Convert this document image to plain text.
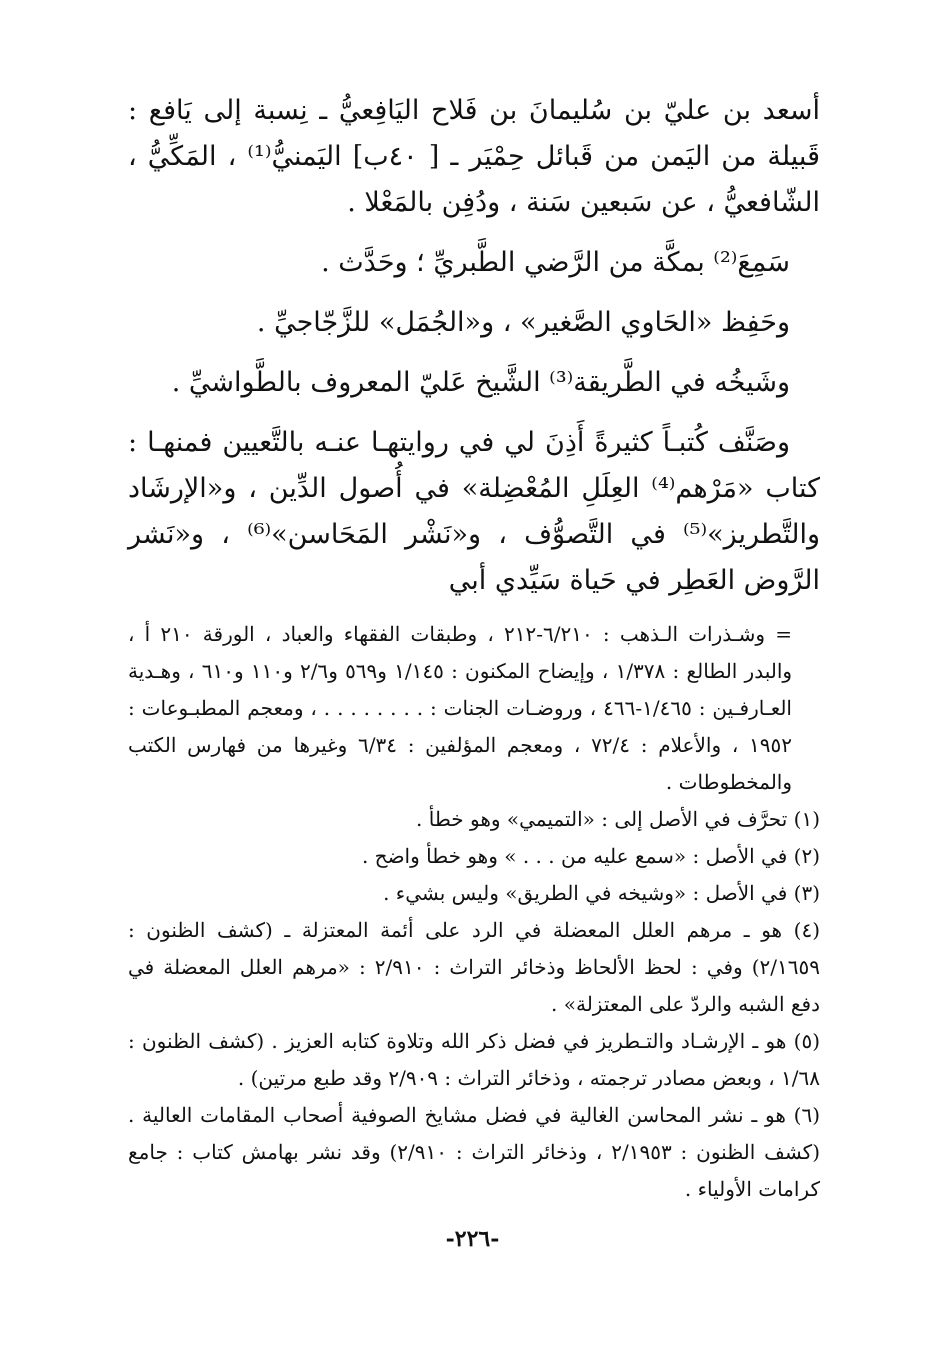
أسعد بن عليّ بن سُليمانَ بن فَلاح اليَافِعيُّ ـ نِسبة إلى يَافع : قَبيلة من اليَمن من قَبائل حِمْيَر ـ [ ٤٠ب] اليَمنيُّ⁽¹⁾ ، المَكِّيُّ ، الشّافعيُّ ، عن سَبعين سَنة ، ودُفِن بالمَعْلا .

سَمِعَ⁽²⁾ بمكَّة من الرَّضي الطَّبريِّ ؛ وحَدَّث .

وحَفِظ «الحَاوي الصَّغير» ، و«الجُمَل» للزَّجّاجيِّ .

وشَيخُه في الطَّريقة⁽³⁾ الشَّيخ عَليّ المعروف بالطَّواشيِّ .

وصَنَّف كُتبـاً كثيرةً أَذِنَ لي في روايتهـا عنـه بالتَّعيين فمنهـا : كتاب «مَرْهم⁽⁴⁾ العِلَلِ المُعْضِلة» في أُصول الدِّين ، و«الإرشَاد والتَّطريز»⁽⁵⁾ في التَّصوُّف ، و«نَشْر المَحَاسن»⁽⁶⁾ ، و«نَشر الرَّوض العَطِر في حَياة سَيِّدي أبي

= وشـذرات الـذهب : ٦/٢١٠-٢١٢ ، وطبقات الفقهاء والعباد ، الورقة ٢١٠ أ ، والبدر الطالع : ١/٣٧٨ ، وإيضاح المكنون : ١/١٤٥ و٥٦٩ و٢/٦ و١١٠ و٦١٠ ، وهـدية العـارفـين : ١/٤٦٥-٤٦٦ ، وروضـات الجنات : . . . . . . . . ، ومعجم المطبـوعات : ١٩٥٢ ، والأعلام : ٧٢/٤ ، ومعجم المؤلفين : ٦/٣٤ وغيرها من فهارس الكتب والمخطوطات .

(١) تحرَّف في الأصل إلى : «التميمي» وهو خطأ .

(٢) في الأصل : «سمع عليه من . . . » وهو خطأ واضح .

(٣) في الأصل : «وشيخه في الطريق» وليس بشيء .

(٤) هو ـ مرهم العلل المعضلة في الرد على أئمة المعتزلة ـ (كشف الظنون : ٢/١٦٥٩) وفي : لحظ الألحاظ وذخائر التراث : ٢/٩١٠ : «مرهم العلل المعضلة في دفع الشبه والردّ على المعتزلة» .

(٥) هو ـ الإرشـاد والتـطريز في فضل ذكر الله وتلاوة كتابه العزيز . (كشف الظنون : ١/٦٨ ، وبعض مصادر ترجمته ، وذخائر التراث : ٢/٩٠٩ وقد طبع مرتين) .

(٦) هو ـ نشر المحاسن الغالية في فضل مشايخ الصوفية أصحاب المقامات العالية . (كشف الظنون : ٢/١٩٥٣ ، وذخائر التراث : ٢/٩١٠) وقد نشر بهامش كتاب : جامع كرامات الأولياء .

-٢٢٦-
